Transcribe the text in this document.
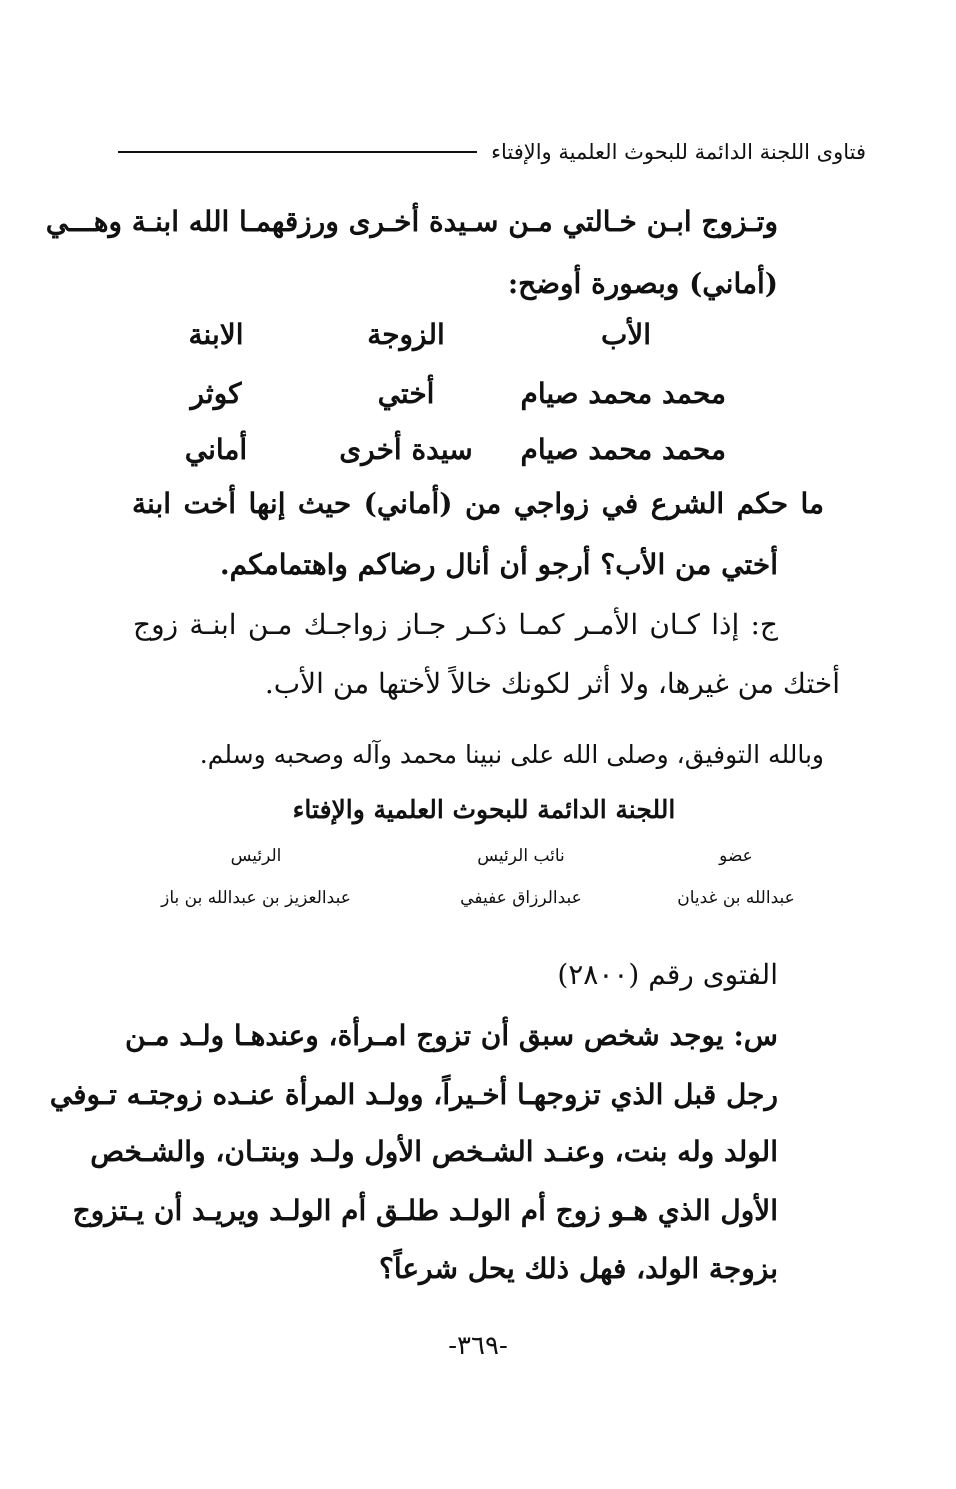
فتاوى اللجنة الدائمة للبحوث العلمية والإفتاء
وتـزوج ابـن خـالتي مـن سـيدة أخـرى ورزقهمـا الله ابنـة وهـــي
(أماني) وبصورة أوضح:
الأب
الزوجة
الابنة
محمد محمد صيام
أختي
كوثر
محمد محمد صيام
سيدة أخرى
أماني
ما حكم الشرع في زواجي من (أماني) حيث إنها أخت ابنة
أختي من الأب؟ أرجو أن أنال رضاكم واهتمامكم.
ج: إذا كـان الأمـر كمـا ذكـر جـاز زواجـك مـن ابنـة زوج
أختك من غيرها، ولا أثر لكونك خالاً لأختها من الأب.
وبالله التوفيق، وصلى الله على نبينا محمد وآله وصحبه وسلم.
اللجنة الدائمة للبحوث العلمية والإفتاء
عضو
نائب الرئيس
الرئيس
عبدالله بن غديان
عبدالرزاق عفيفي
عبدالعزيز بن عبدالله بن باز
الفتوى رقم (٢٨٠٠)
س: يوجد شخص سبق أن تزوج امـرأة، وعندهـا ولـد مـن
رجل قبل الذي تزوجهـا أخـيراً، وولـد المرأة عنـده زوجتـه تـوفي
الولد وله بنت، وعنـد الشـخص الأول ولـد وبنتـان، والشـخص
الأول الذي هـو زوج أم الولـد طلـق أم الولـد ويريـد أن يـتزوج
بزوجة الولد، فهل ذلك يحل شرعاً؟
-٣٦٩-
